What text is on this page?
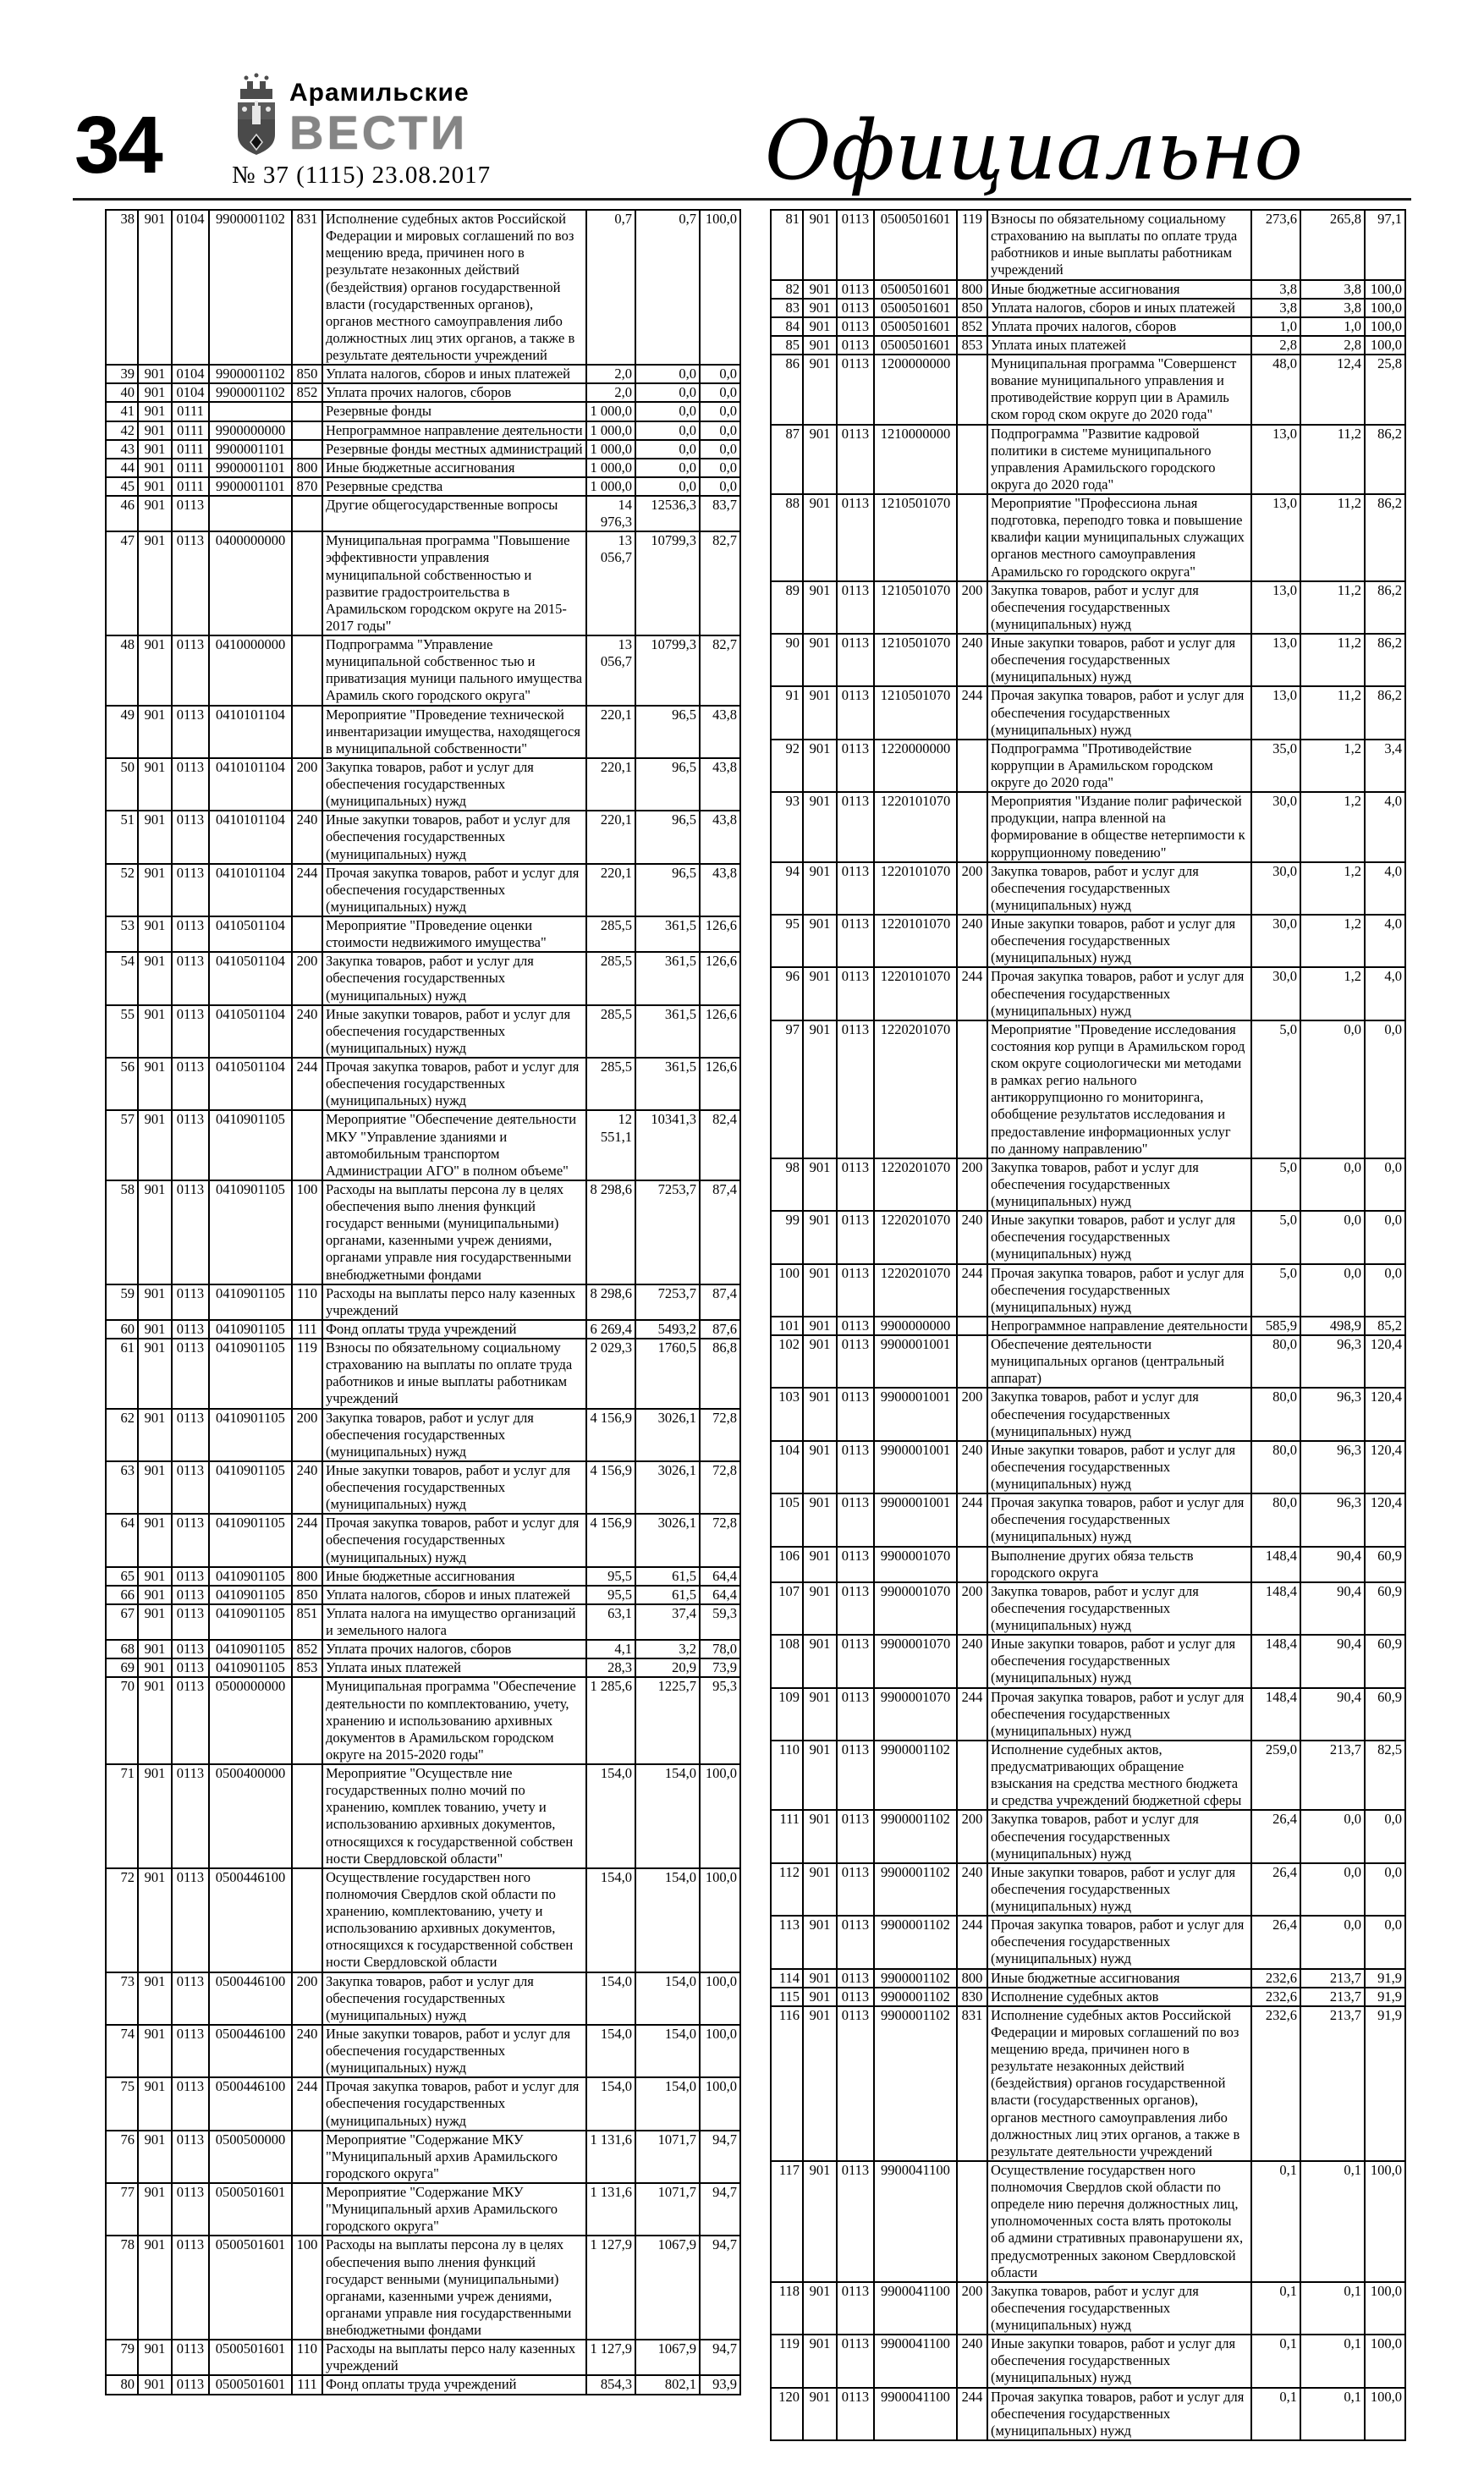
34
Арамильские
ВЕСТИ
№ 37 (1115) 23.08.2017	Официально
38	901	0104	9900001102	831	Исполнение судебных актов Российской Федерации и мировых соглашений по воз мещению вреда, причинен ного в результате незаконных действий (бездействия) органов государственной власти (государственных органов), органов местного самоуправления либо должностных лиц этих органов, а также в результате деятельности учреждений	0,7	0,7	100,0
39	901	0104	9900001102	850	Уплата налогов, сборов и иных платежей	2,0	0,0	0,0
40	901	0104	9900001102	852	Уплата прочих налогов, сборов	2,0	0,0	0,0
41	901	0111			Резервные фонды	1 000,0	0,0	0,0
42	901	0111	9900000000		Непрограммное направление деятельности	1 000,0	0,0	0,0
43	901	0111	9900001101		Резервные фонды местных администраций	1 000,0	0,0	0,0
44	901	0111	9900001101	800	Иные бюджетные ассигнования	1 000,0	0,0	0,0
45	901	0111	9900001101	870	Резервные средства	1 000,0	0,0	0,0
46	901	0113			Другие общегосударственные вопросы	14 976,3	12536,3	83,7
47	901	0113	0400000000		Муниципальная программа "Повышение эффективности управления муниципальной собственностью и развитие градостроительства в Арамильском городском округе на 2015-2017 годы"	13 056,7	10799,3	82,7
48	901	0113	0410000000		Подпрограмма "Управление муниципальной собственнос тью и приватизация муници пального имущества Арамиль ского городского округа"	13 056,7	10799,3	82,7
49	901	0113	0410101104		Мероприятие "Проведение технической инвентаризации имущества, находящегося в муниципальной собственности"	220,1	96,5	43,8
50	901	0113	0410101104	200	Закупка товаров, работ и услуг для обеспечения государственных (муниципальных) нужд	220,1	96,5	43,8
51	901	0113	0410101104	240	Иные закупки товаров, работ и услуг для обеспечения государственных (муниципальных) нужд	220,1	96,5	43,8
52	901	0113	0410101104	244	Прочая закупка товаров, работ и услуг для обеспечения государственных (муниципальных) нужд	220,1	96,5	43,8
53	901	0113	0410501104		Мероприятие "Проведение оценки стоимости недвижимого имущества"	285,5	361,5	126,6
54	901	0113	0410501104	200	Закупка товаров, работ и услуг для обеспечения государственных (муниципальных) нужд	285,5	361,5	126,6
55	901	0113	0410501104	240	Иные закупки товаров, работ и услуг для обеспечения государственных (муниципальных) нужд	285,5	361,5	126,6
56	901	0113	0410501104	244	Прочая закупка товаров, работ и услуг для обеспечения государственных (муниципальных) нужд	285,5	361,5	126,6
57	901	0113	0410901105		Мероприятие "Обеспечение деятельности МКУ "Управление зданиями и автомобильным транспортом Администрации АГО" в полном объеме"	12 551,1	10341,3	82,4
58	901	0113	0410901105	100	Расходы на выплаты персона лу в целях обеспечения выпо лнения функций государст венными (муниципальными) органами, казенными учреж дениями, органами управле ния государственными внебюджетными фондами	8 298,6	7253,7	87,4
59	901	0113	0410901105	110	Расходы на выплаты персо налу казенных учреждений	8 298,6	7253,7	87,4
60	901	0113	0410901105	111	Фонд оплаты труда учреждений	6 269,4	5493,2	87,6
61	901	0113	0410901105	119	Взносы по обязательному социальному страхованию на выплаты по оплате труда работников и иные выплаты работникам учреждений	2 029,3	1760,5	86,8
62	901	0113	0410901105	200	Закупка товаров, работ и услуг для обеспечения государственных (муниципальных) нужд	4 156,9	3026,1	72,8
63	901	0113	0410901105	240	Иные закупки товаров, работ и услуг для обеспечения государственных (муниципальных) нужд	4 156,9	3026,1	72,8
64	901	0113	0410901105	244	Прочая закупка товаров, работ и услуг для обеспечения государственных (муниципальных) нужд	4 156,9	3026,1	72,8
65	901	0113	0410901105	800	Иные бюджетные ассигнования	95,5	61,5	64,4
66	901	0113	0410901105	850	Уплата налогов, сборов и иных платежей	95,5	61,5	64,4
67	901	0113	0410901105	851	Уплата налога на имущество организаций и земельного налога	63,1	37,4	59,3
68	901	0113	0410901105	852	Уплата прочих налогов, сборов	4,1	3,2	78,0
69	901	0113	0410901105	853	Уплата иных платежей	28,3	20,9	73,9
70	901	0113	0500000000		Муниципальная программа "Обеспечение деятельности по комплектованию, учету, хранению и использованию архивных документов в Арамильском городском округе на 2015-2020 годы"	1 285,6	1225,7	95,3
71	901	0113	0500400000		Мероприятие "Осуществле ние государственных полно мочий по хранению, комплек тованию, учету и использованию архивных документов, относящихся к государственной собствен ности Свердловской области"	154,0	154,0	100,0
72	901	0113	0500446100		Осуществление государствен ного полномочия Свердлов ской области по хранению, комплектованию, учету и использованию архивных документов, относящихся к государственной собствен ности Свердловской области	154,0	154,0	100,0
73	901	0113	0500446100	200	Закупка товаров, работ и услуг для обеспечения государственных (муниципальных) нужд	154,0	154,0	100,0
74	901	0113	0500446100	240	Иные закупки товаров, работ и услуг для обеспечения государственных (муниципальных) нужд	154,0	154,0	100,0
75	901	0113	0500446100	244	Прочая закупка товаров, работ и услуг для обеспечения государственных (муниципальных) нужд	154,0	154,0	100,0
76	901	0113	0500500000		Мероприятие "Содержание МКУ "Муниципальный архив Арамильского городского округа"	1 131,6	1071,7	94,7
77	901	0113	0500501601		Мероприятие "Содержание МКУ "Муниципальный архив Арамильского городского округа"	1 131,6	1071,7	94,7
78	901	0113	0500501601	100	Расходы на выплаты персона лу в целях обеспечения выпо лнения функций государст венными (муниципальными) органами, казенными учреж дениями, органами управле ния государственными внебюджетными фондами	1 127,9	1067,9	94,7
79	901	0113	0500501601	110	Расходы на выплаты персо налу казенных учреждений	1 127,9	1067,9	94,7
80	901	0113	0500501601	111	Фонд оплаты труда учреждений	854,3	802,1	93,9
81	901	0113	0500501601	119	Взносы по обязательному социальному страхованию на выплаты по оплате труда работников и иные выплаты работникам учреждений	273,6	265,8	97,1
82	901	0113	0500501601	800	Иные бюджетные ассигнования	3,8	3,8	100,0
83	901	0113	0500501601	850	Уплата налогов, сборов и иных платежей	3,8	3,8	100,0
84	901	0113	0500501601	852	Уплата прочих налогов, сборов	1,0	1,0	100,0
85	901	0113	0500501601	853	Уплата иных платежей	2,8	2,8	100,0
86	901	0113	1200000000		Муниципальная программа "Совершенст вование муниципального управления и противодействие корруп ции в Арамиль ском город ском округе до 2020 года"	48,0	12,4	25,8
87	901	0113	1210000000		Подпрограмма "Развитие кадровой политики в системе муниципального управления Арамильского городского округа до 2020 года"	13,0	11,2	86,2
88	901	0113	1210501070		Мероприятие "Профессиона льная подготовка, переподго товка и повышение квалифи кации муниципальных служащих органов местного самоуправления Арамильско го городского округа"	13,0	11,2	86,2
89	901	0113	1210501070	200	Закупка товаров, работ и услуг для обеспечения государственных (муниципальных) нужд	13,0	11,2	86,2
90	901	0113	1210501070	240	Иные закупки товаров, работ и услуг для обеспечения государственных (муниципальных) нужд	13,0	11,2	86,2
91	901	0113	1210501070	244	Прочая закупка товаров, работ и услуг для обеспечения государственных (муниципальных) нужд	13,0	11,2	86,2
92	901	0113	1220000000		Подпрограмма "Противодействие коррупции в Арамильском городском округе до 2020 года"	35,0	1,2	3,4
93	901	0113	1220101070		Мероприятия "Издание полиг рафической продукции, напра вленной на формирование в обществе нетерпимости к коррупционному поведению"	30,0	1,2	4,0
94	901	0113	1220101070	200	Закупка товаров, работ и услуг для обеспечения государственных (муниципальных) нужд	30,0	1,2	4,0
95	901	0113	1220101070	240	Иные закупки товаров, работ и услуг для обеспечения государственных (муниципальных) нужд	30,0	1,2	4,0
96	901	0113	1220101070	244	Прочая закупка товаров, работ и услуг для обеспечения государственных (муниципальных) нужд	30,0	1,2	4,0
97	901	0113	1220201070		Мероприятие "Проведение исследования состояния кор рупци в Арамильском город ском округе социологически ми методами в рамках регио нального антикоррупционно го мониторинга, обобщение результатов исследования и предоставление информационных услуг по данному направлению"	5,0	0,0	0,0
98	901	0113	1220201070	200	Закупка товаров, работ и услуг для обеспечения государственных (муниципальных) нужд	5,0	0,0	0,0
99	901	0113	1220201070	240	Иные закупки товаров, работ и услуг для обеспечения государственных (муниципальных) нужд	5,0	0,0	0,0
100	901	0113	1220201070	244	Прочая закупка товаров, работ и услуг для обеспечения государственных (муниципальных) нужд	5,0	0,0	0,0
101	901	0113	9900000000		Непрограммное направление деятельности	585,9	498,9	85,2
102	901	0113	9900001001		Обеспечение деятельности муниципальных органов (центральный аппарат)	80,0	96,3	120,4
103	901	0113	9900001001	200	Закупка товаров, работ и услуг для обеспечения государственных (муниципальных) нужд	80,0	96,3	120,4
104	901	0113	9900001001	240	Иные закупки товаров, работ и услуг для обеспечения государственных (муниципальных) нужд	80,0	96,3	120,4
105	901	0113	9900001001	244	Прочая закупка товаров, работ и услуг для обеспечения государственных (муниципальных) нужд	80,0	96,3	120,4
106	901	0113	9900001070		Выполнение других обяза тельств городского округа	148,4	90,4	60,9
107	901	0113	9900001070	200	Закупка товаров, работ и услуг для обеспечения государственных (муниципальных) нужд	148,4	90,4	60,9
108	901	0113	9900001070	240	Иные закупки товаров, работ и услуг для обеспечения государственных (муниципальных) нужд	148,4	90,4	60,9
109	901	0113	9900001070	244	Прочая закупка товаров, работ и услуг для обеспечения государственных (муниципальных) нужд	148,4	90,4	60,9
110	901	0113	9900001102		Исполнение судебных актов, предусматривающих обращение взыскания на средства местного бюджета и средства учреждений бюджетной сферы	259,0	213,7	82,5
111	901	0113	9900001102	200	Закупка товаров, работ и услуг для обеспечения государственных (муниципальных) нужд	26,4	0,0	0,0
112	901	0113	9900001102	240	Иные закупки товаров, работ и услуг для обеспечения государственных (муниципальных) нужд	26,4	0,0	0,0
113	901	0113	9900001102	244	Прочая закупка товаров, работ и услуг для обеспечения государственных (муниципальных) нужд	26,4	0,0	0,0
114	901	0113	9900001102	800	Иные бюджетные ассигнования	232,6	213,7	91,9
115	901	0113	9900001102	830	Исполнение судебных актов	232,6	213,7	91,9
116	901	0113	9900001102	831	Исполнение судебных актов Российской Федерации и мировых соглашений по воз мещению вреда, причинен ного в результате незаконных действий (бездействия) органов государственной власти (государственных органов), органов местного самоуправления либо должностных лиц этих органов, а также в результате деятельности учреждений	232,6	213,7	91,9
117	901	0113	9900041100		Осуществление государствен ного полномочия Свердлов ской области по определе нию перечня должностных лиц, уполномоченных соста влять протоколы об админи стративных правонарушени ях, предусмотренных законом Свердловской области	0,1	0,1	100,0
118	901	0113	9900041100	200	Закупка товаров, работ и услуг для обеспечения государственных (муниципальных) нужд	0,1	0,1	100,0
119	901	0113	9900041100	240	Иные закупки товаров, работ и услуг для обеспечения государственных (муниципальных) нужд	0,1	0,1	100,0
120	901	0113	9900041100	244	Прочая закупка товаров, работ и услуг для обеспечения государственных (муниципальных) нужд	0,1	0,1	100,0
